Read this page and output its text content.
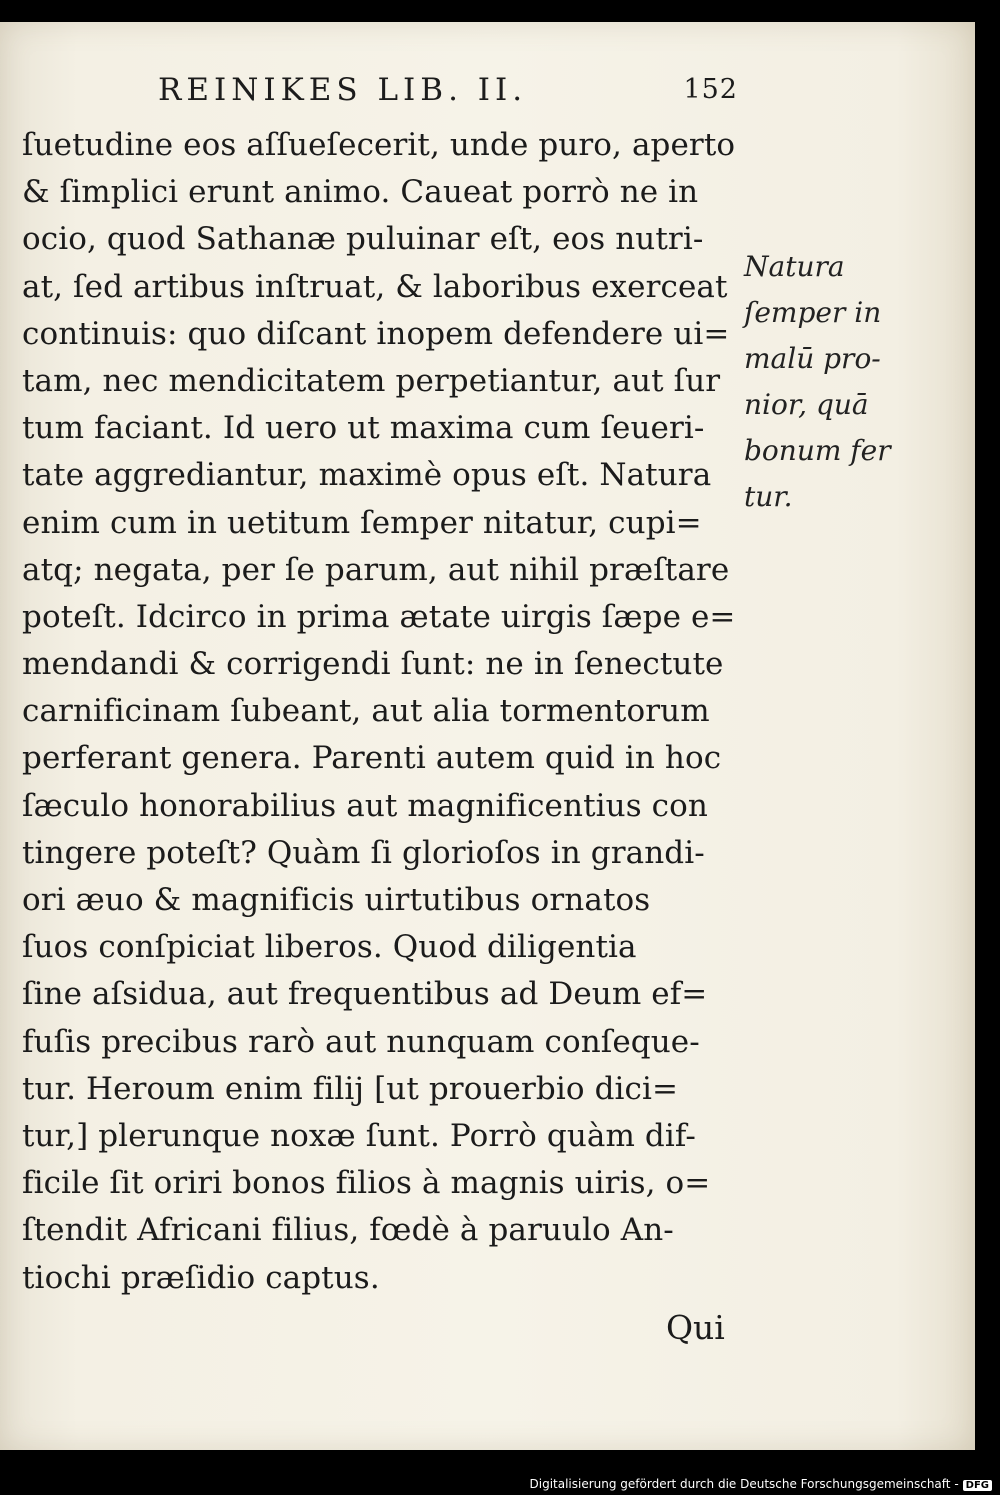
REINIKES LIB. II.	152
ſuetudine eos aſſueſecerit, unde puro, aperto
& ſimplici erunt animo. Caueat porrò ne in
ocio, quod Sathanæ puluinar eſt, eos nutri-
at, ſed artibus inſtruat, & laboribus exerceat
continuis: quo diſcant inopem defendere ui=
tam, nec mendicitatem perpetiantur, aut ſur
tum faciant. Id uero ut maxima cum ſeueri-
tate aggrediantur, maximè opus eſt. Natura
enim cum in uetitum ſemper nitatur, cupi=
atq; negata, per ſe parum, aut nihil præſtare
poteſt. Idcirco in prima ætate uirgis ſæpe e=
mendandi & corrigendi ſunt: ne in ſenectute
carnificinam ſubeant, aut alia tormentorum
perferant genera. Parenti autem quid in hoc
ſæculo honorabilius aut magnificentius con
tingere poteſt? Quàm ſi glorioſos in grandi-
ori æuo & magnificis uirtutibus ornatos
ſuos conſpiciat liberos. Quod diligentia
ſine aſsidua, aut frequentibus ad Deum ef=
fuſis precibus rarò aut nunquam conſeque-
tur. Heroum enim filij [ut prouerbio dici=
tur,] plerunque noxæ ſunt. Porrò quàm dif-
ficile ſit oriri bonos filios à magnis uiris, o=
ſtendit Africani filius, fœdè à paruulo An-
tiochi præſidio captus.
Natura
ſemper in
malū pro-
nior, quā
bonum fer
tur.
Qui
Digitalisierung gefördert durch die Deutsche Forschungsgemeinschaft - DFG
